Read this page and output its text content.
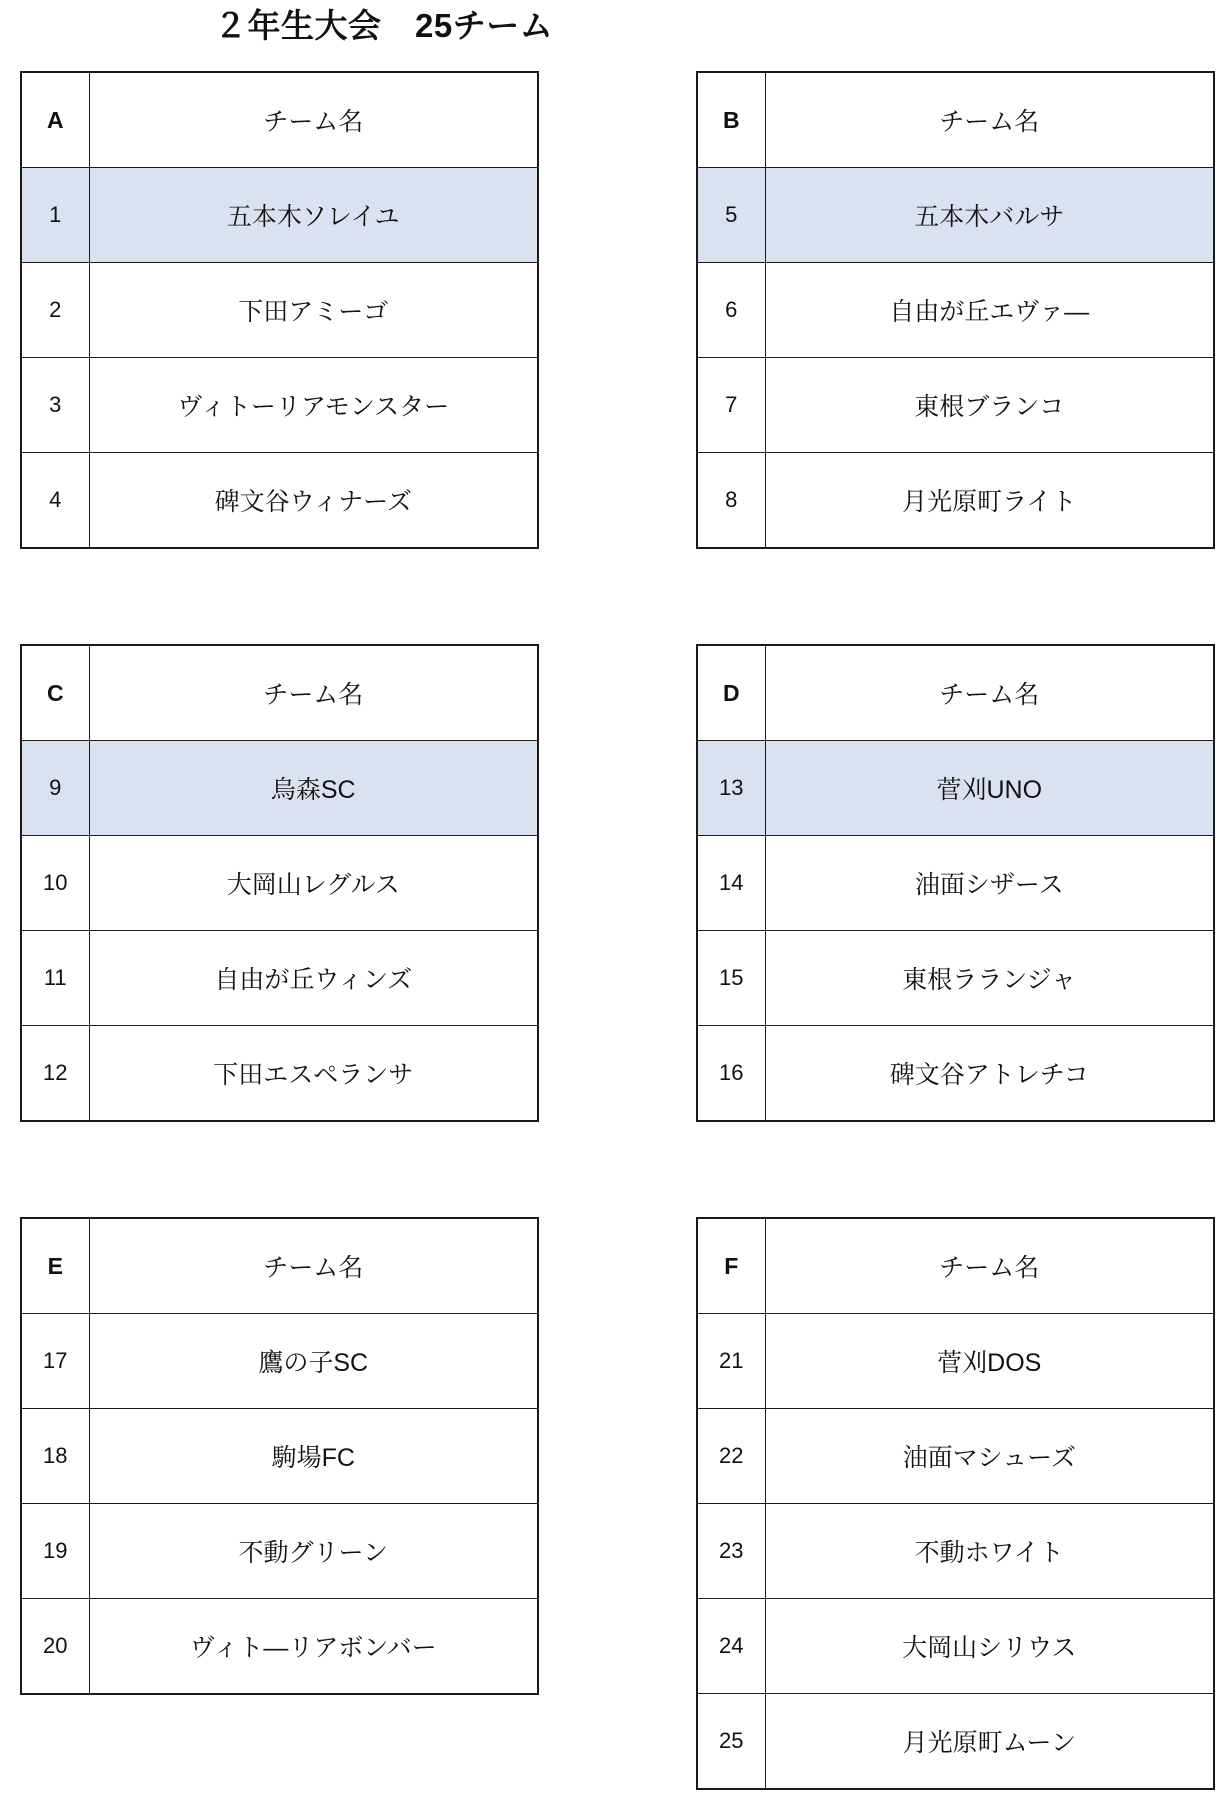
２年生大会　25チーム
A	チーム名
1	五本木ソレイユ
2	下田アミーゴ
3	ヴィトーリアモンスター
4	碑文谷ウィナーズ
B	チーム名
5	五本木バルサ
6	自由が丘エヴァ—
7	東根ブランコ
8	月光原町ライト
C	チーム名
9	烏森SC
10	大岡山レグルス
11	自由が丘ウィンズ
12	下田エスペランサ
D	チーム名
13	菅刈UNO
14	油面シザース
15	東根ラランジャ
16	碑文谷アトレチコ
E	チーム名
17	鷹の子SC
18	駒場FC
19	不動グリーン
20	ヴィト—リアボンバー
F	チーム名
21	菅刈DOS
22	油面マシューズ
23	不動ホワイト
24	大岡山シリウス
25	月光原町ムーン
